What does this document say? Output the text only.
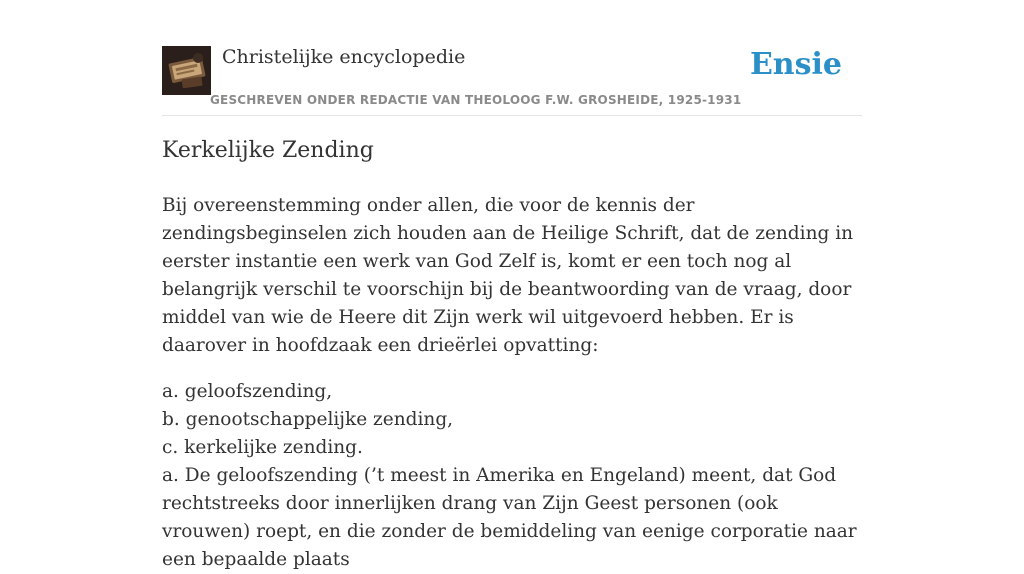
Christelijke encyclopedie
GESCHREVEN ONDER REDACTIE VAN THEOLOOG F.W. GROSHEIDE, 1925-1931
Ensie
Kerkelijke Zending

Bij overeenstemming onder allen, die voor de kennis der zendingsbeginselen zich houden aan de Heilige Schrift, dat de zending in eerster instantie een werk van God Zelf is, komt er een toch nog al belangrijk verschil te voorschijn bij de beantwoording van de vraag, door middel van wie de Heere dit Zijn werk wil uitgevoerd hebben. Er is daarover in hoofdzaak een drieërlei opvatting:

a. geloofszending,
b. genootschappelijke zending,
c. kerkelijke zending.
a. De geloofszending (’t meest in Amerika en Engeland) meent, dat God rechtstreeks door innerlijken drang van Zijn Geest personen (ook vrouwen) roept, en die zonder de bemiddeling van eenige corporatie naar een bepaalde plaats
